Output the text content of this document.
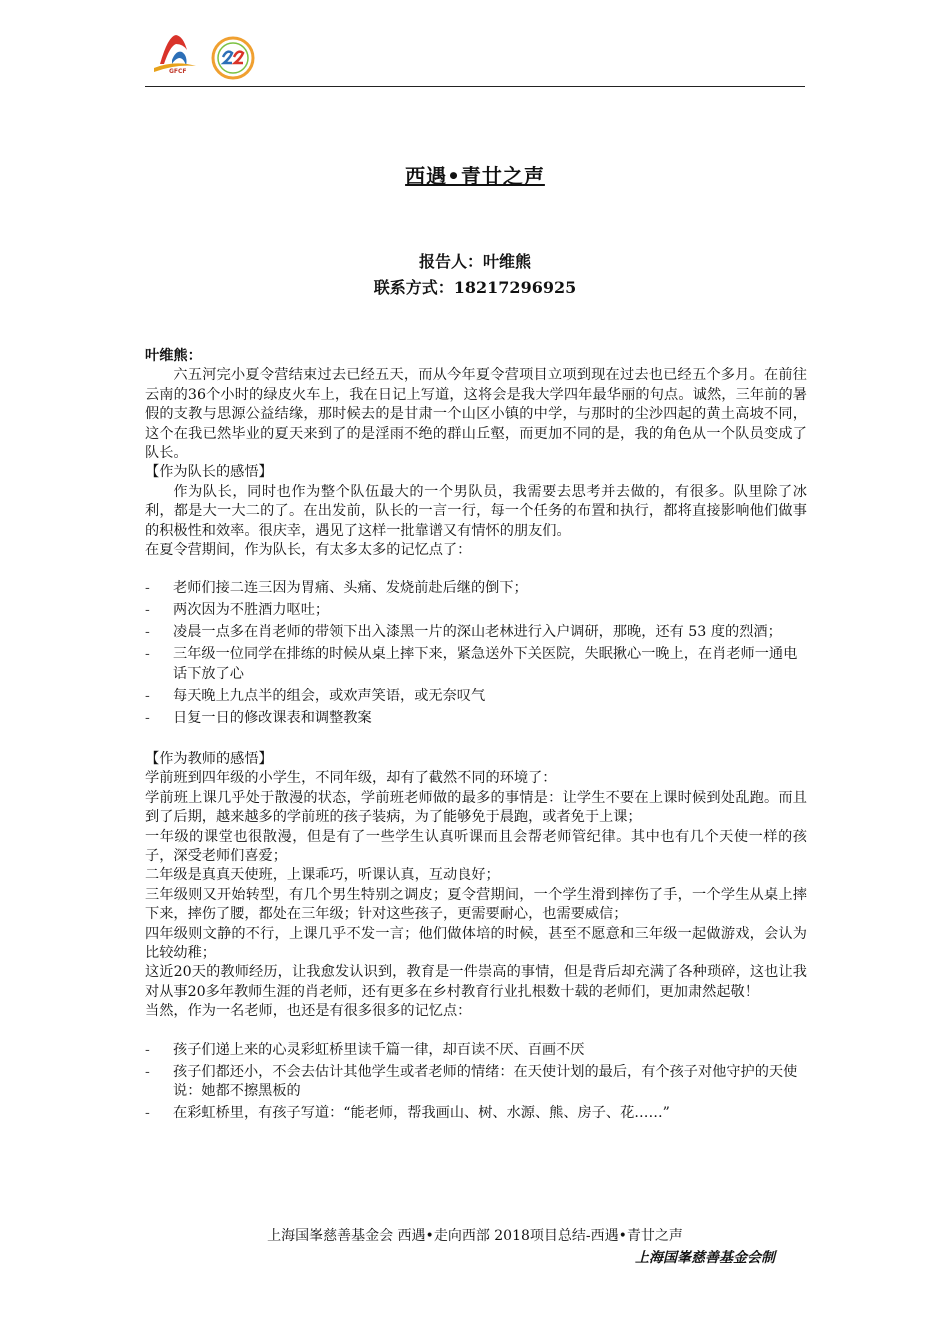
GFCF
西遇•青廿之声
报告人：叶维熊
联系方式：18217296925

叶维熊：

六五河完小夏令营结束过去已经五天，而从今年夏令营项目立项到现在过去也已经五个多月。在前往云南的36个小时的绿皮火车上，我在日记上写道，这将会是我大学四年最华丽的句点。诚然，三年前的暑假的支教与思源公益结缘，那时候去的是甘肃一个山区小镇的中学，与那时的尘沙四起的黄土高坡不同，这个在我已然毕业的夏天来到了的是淫雨不绝的群山丘壑，而更加不同的是，我的角色从一个队员变成了队长。

【作为队长的感悟】

作为队长，同时也作为整个队伍最大的一个男队员，我需要去思考并去做的，有很多。队里除了冰利，都是大一大二的了。在出发前，队长的一言一行，每一个任务的布置和执行，都将直接影响他们做事的积极性和效率。很庆幸，遇见了这样一批靠谱又有情怀的朋友们。

在夏令营期间，作为队长，有太多太多的记忆点了：

- 老师们接二连三因为胃痛、头痛、发烧前赴后继的倒下；
- 两次因为不胜酒力呕吐；
- 凌晨一点多在肖老师的带领下出入漆黑一片的深山老林进行入户调研，那晚，还有 53 度的烈酒；
- 三年级一位同学在排练的时候从桌上摔下来，紧急送外下关医院，失眠揪心一晚上，在肖老师一通电话下放了心
- 每天晚上九点半的组会，或欢声笑语，或无奈叹气
- 日复一日的修改课表和调整教案

【作为教师的感悟】

学前班到四年级的小学生，不同年级，却有了截然不同的环境了：

学前班上课几乎处于散漫的状态，学前班老师做的最多的事情是：让学生不要在上课时候到处乱跑。而且到了后期，越来越多的学前班的孩子装病，为了能够免于晨跑，或者免于上课；

一年级的课堂也很散漫，但是有了一些学生认真听课而且会帮老师管纪律。其中也有几个天使一样的孩子，深受老师们喜爱；

二年级是真真天使班，上课乖巧，听课认真，互动良好；

三年级则又开始转型，有几个男生特别之调皮；夏令营期间，一个学生滑到摔伤了手，一个学生从桌上摔下来，摔伤了腰，都处在三年级；针对这些孩子，更需要耐心，也需要威信；

四年级则文静的不行，上课几乎不发一言；他们做体培的时候，甚至不愿意和三年级一起做游戏，会认为比较幼稚；

这近20天的教师经历，让我愈发认识到，教育是一件崇高的事情，但是背后却充满了各种琐碎，这也让我对从事20多年教师生涯的肖老师，还有更多在乡村教育行业扎根数十载的老师们，更加肃然起敬！

当然，作为一名老师，也还是有很多很多的记忆点：

- 孩子们递上来的心灵彩虹桥里读千篇一律，却百读不厌、百画不厌
- 孩子们都还小，不会去估计其他学生或者老师的情绪：在天使计划的最后，有个孩子对他守护的天使说：她都不擦黑板的
- 在彩虹桥里，有孩子写道：“能老师，帮我画山、树、水源、熊、房子、花……”
上海国峯慈善基金会 西遇•走向西部 2018项目总结-西遇•青廿之声
上海国峯慈善基金会制
